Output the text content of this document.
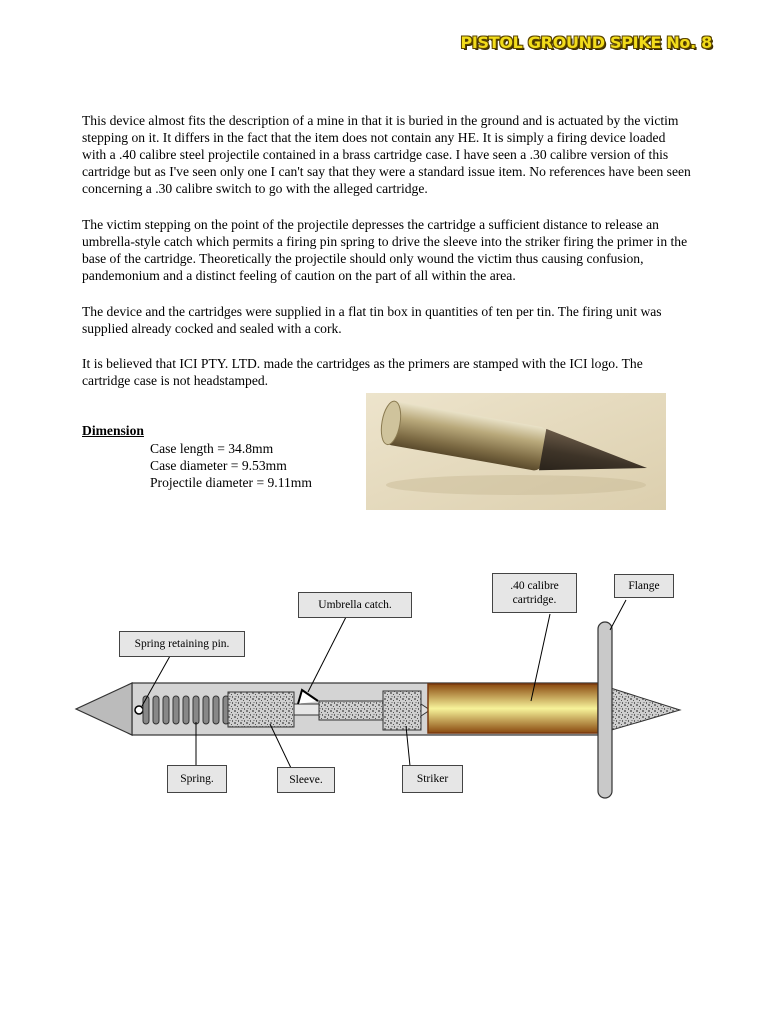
PISTOL GROUND SPIKE No. 8

This device almost fits the description of a mine in that it is buried in the ground and is actuated by the victim stepping on it. It differs in the fact that the item does not contain any HE. It is simply a firing device loaded with a .40 calibre steel projectile contained in a brass cartridge case. I have seen a .30 calibre version of this cartridge but as I've seen only one I can't say that they were a standard issue item. No references have been seen concerning a .30 calibre switch to go with the alleged cartridge.

The victim stepping on the point of the projectile depresses the cartridge a sufficient distance to release an umbrella-style catch which permits a firing pin spring to drive the sleeve into the striker firing the primer in the base of the cartridge. Theoretically the projectile should only wound the victim thus causing confusion, pandemonium and a distinct feeling of caution on the part of all within the area.

The device and the cartridges were supplied in a flat tin box in quantities of ten per tin. The firing unit was supplied already cocked and sealed with a cork.

It is believed that ICI PTY. LTD. made the cartridges as the primers are stamped with the ICI logo. The cartridge case is not headstamped.

Dimension
Case length = 34.8mm
Case diameter = 9.53mm
Projectile diameter = 9.11mm
Umbrella catch.
.40 calibre
cartridge.
Flange
Spring retaining pin.
Spring.	Sleeve.	Striker
